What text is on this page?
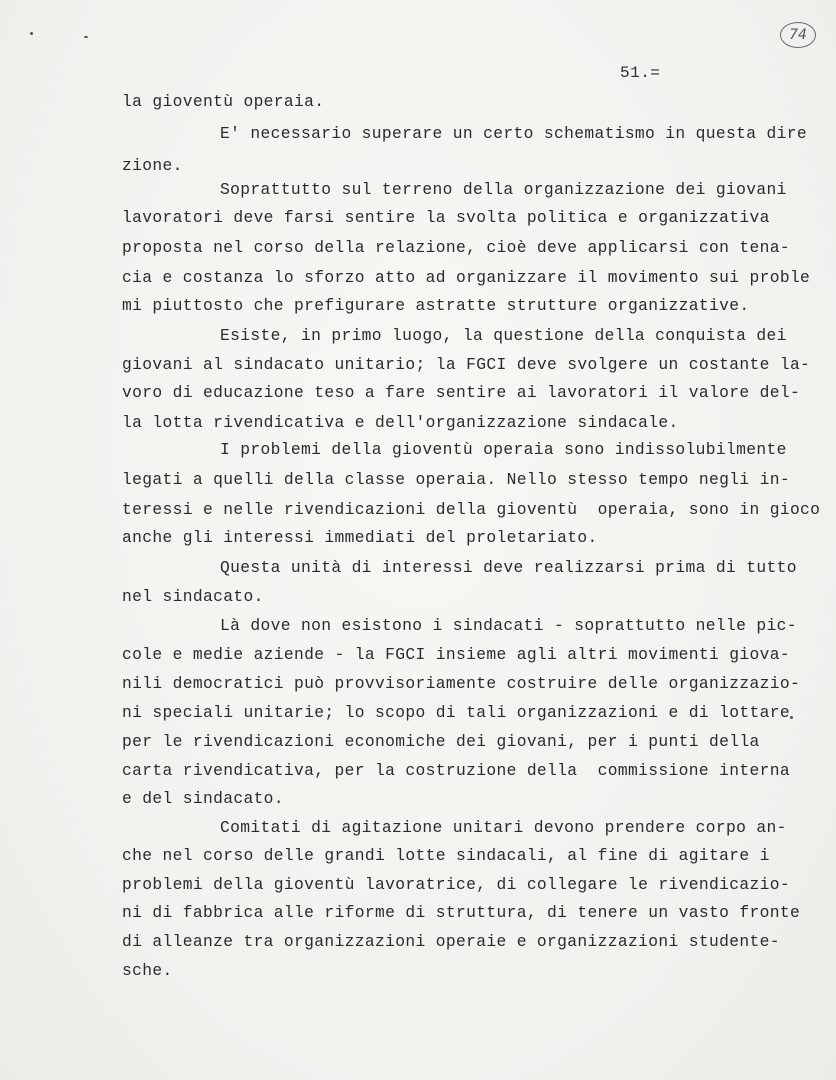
74
51.=
la gioventù operaia.
E' necessario superare un certo schematismo in questa dire
zione.
Soprattutto sul terreno della organizzazione dei giovani
lavoratori deve farsi sentire la svolta politica e organizzativa
proposta nel corso della relazione, cioè deve applicarsi con tena-
cia e costanza lo sforzo atto ad organizzare il movimento sui proble
mi piuttosto che prefigurare astratte strutture organizzative.
Esiste, in primo luogo, la questione della conquista dei
giovani al sindacato unitario; la FGCI deve svolgere un costante la-
voro di educazione teso a fare sentire ai lavoratori il valore del-
la lotta rivendicativa e dell'organizzazione sindacale.
I problemi della gioventù operaia sono indissolubilmente
legati a quelli della classe operaia. Nello stesso tempo negli in-
teressi e nelle rivendicazioni della gioventù  operaia, sono in gioco
anche gli interessi immediati del proletariato.
Questa unità di interessi deve realizzarsi prima di tutto
nel sindacato.
Là dove non esistono i sindacati - soprattutto nelle pic-
cole e medie aziende - la FGCI insieme agli altri movimenti giova-
nili democratici può provvisoriamente costruire delle organizzazio-
ni speciali unitarie; lo scopo di tali organizzazioni e di lottare
per le rivendicazioni economiche dei giovani, per i punti della
carta rivendicativa, per la costruzione della  commissione interna
e del sindacato.
Comitati di agitazione unitari devono prendere corpo an-
che nel corso delle grandi lotte sindacali, al fine di agitare i
problemi della gioventù lavoratrice, di collegare le rivendicazio-
ni di fabbrica alle riforme di struttura, di tenere un vasto fronte
di alleanze tra organizzazioni operaie e organizzazioni studente-
sche.
